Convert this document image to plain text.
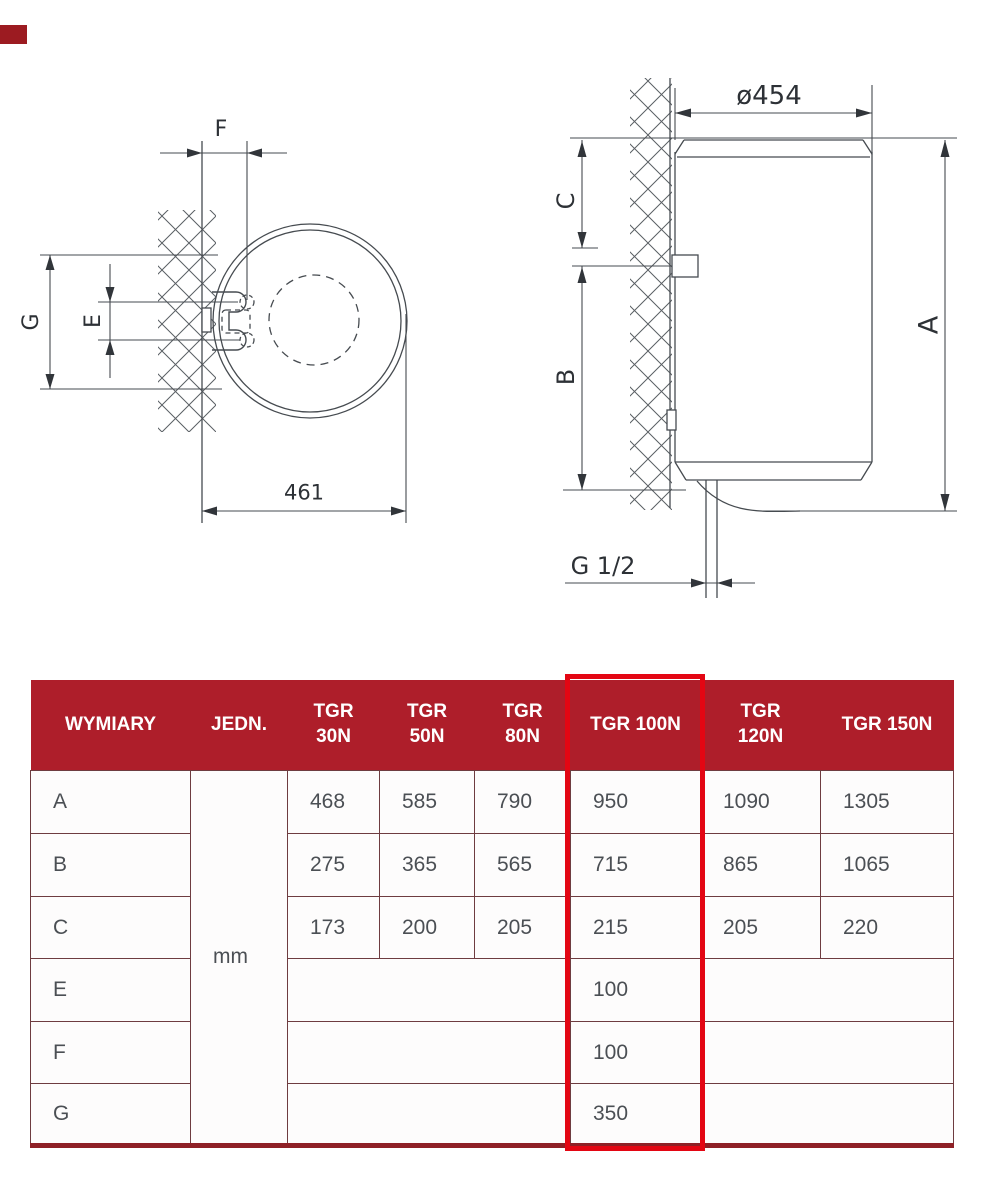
F
G E
461
ø454
C
B
A
G 1/2
WYMIARY	JEDN.	TGR 30N	TGR 50N	TGR 80N	TGR 100N	TGR 120N	TGR 150N
A	mm	468	585	790	950	1090	1305
B		275	365	565	715	865	1065
C		173	200	205	215	205	220
E					100		
F					100		
G					350		
